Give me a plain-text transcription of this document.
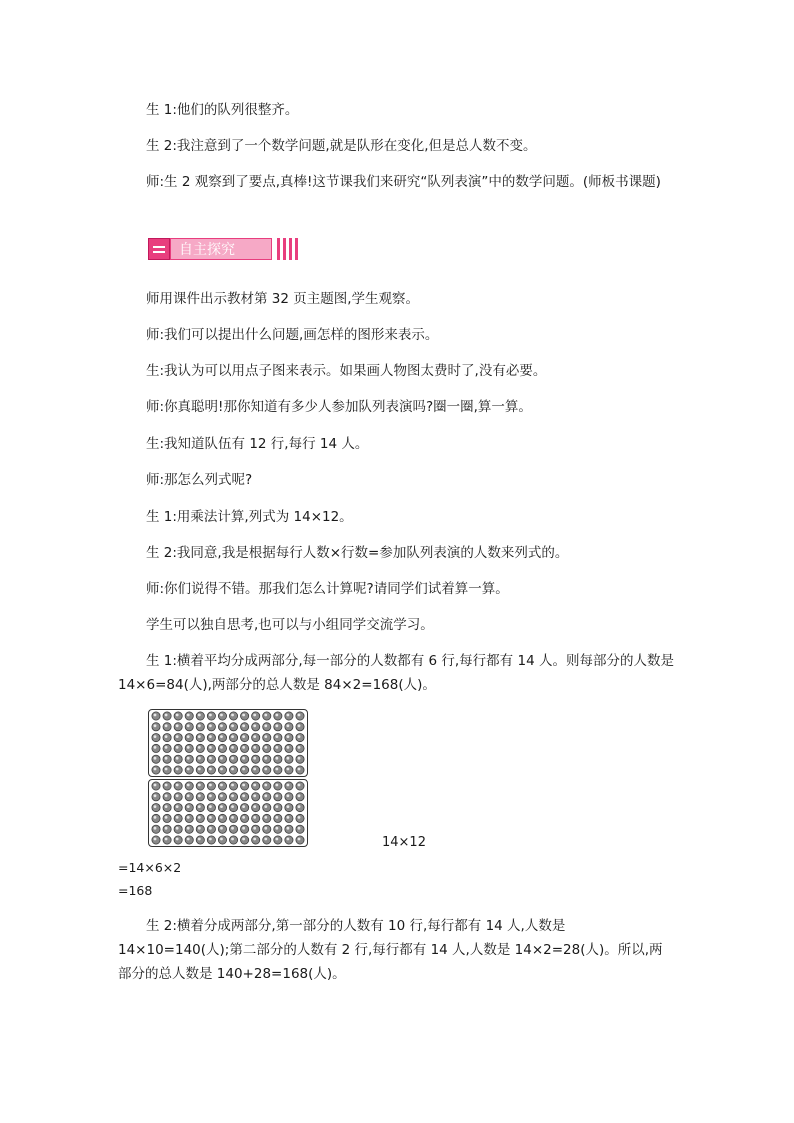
生 1:他们的队列很整齐。

生 2:我注意到了一个数学问题,就是队形在变化,但是总人数不变。

师:生 2 观察到了要点,真棒!这节课我们来研究“队列表演”中的数学问题。(师板书课题)

自主探究

师用课件出示教材第 32 页主题图,学生观察。

师:我们可以提出什么问题,画怎样的图形来表示。

生:我认为可以用点子图来表示。如果画人物图太费时了,没有必要。

师:你真聪明!那你知道有多少人参加队列表演吗?圈一圈,算一算。

生:我知道队伍有 12 行,每行 14 人。

师:那怎么列式呢?

生 1:用乘法计算,列式为 14×12。

生 2:我同意,我是根据每行人数×行数=参加队列表演的人数来列式的。

师:你们说得不错。那我们怎么计算呢?请同学们试着算一算。

学生可以独自思考,也可以与小组同学交流学习。

生 1:横着平均分成两部分,每一部分的人数都有 6 行,每行都有 14 人。则每部分的人数是 14×6=84(人),两部分的总人数是 84×2=168(人)。

14×12
=14×6×2
=168

生 2:横着分成两部分,第一部分的人数有 10 行,每行都有 14 人,人数是 14×10=140(人);第二部分的人数有 2 行,每行都有 14 人,人数是 14×2=28(人)。所以,两部分的总人数是 140+28=168(人)。
